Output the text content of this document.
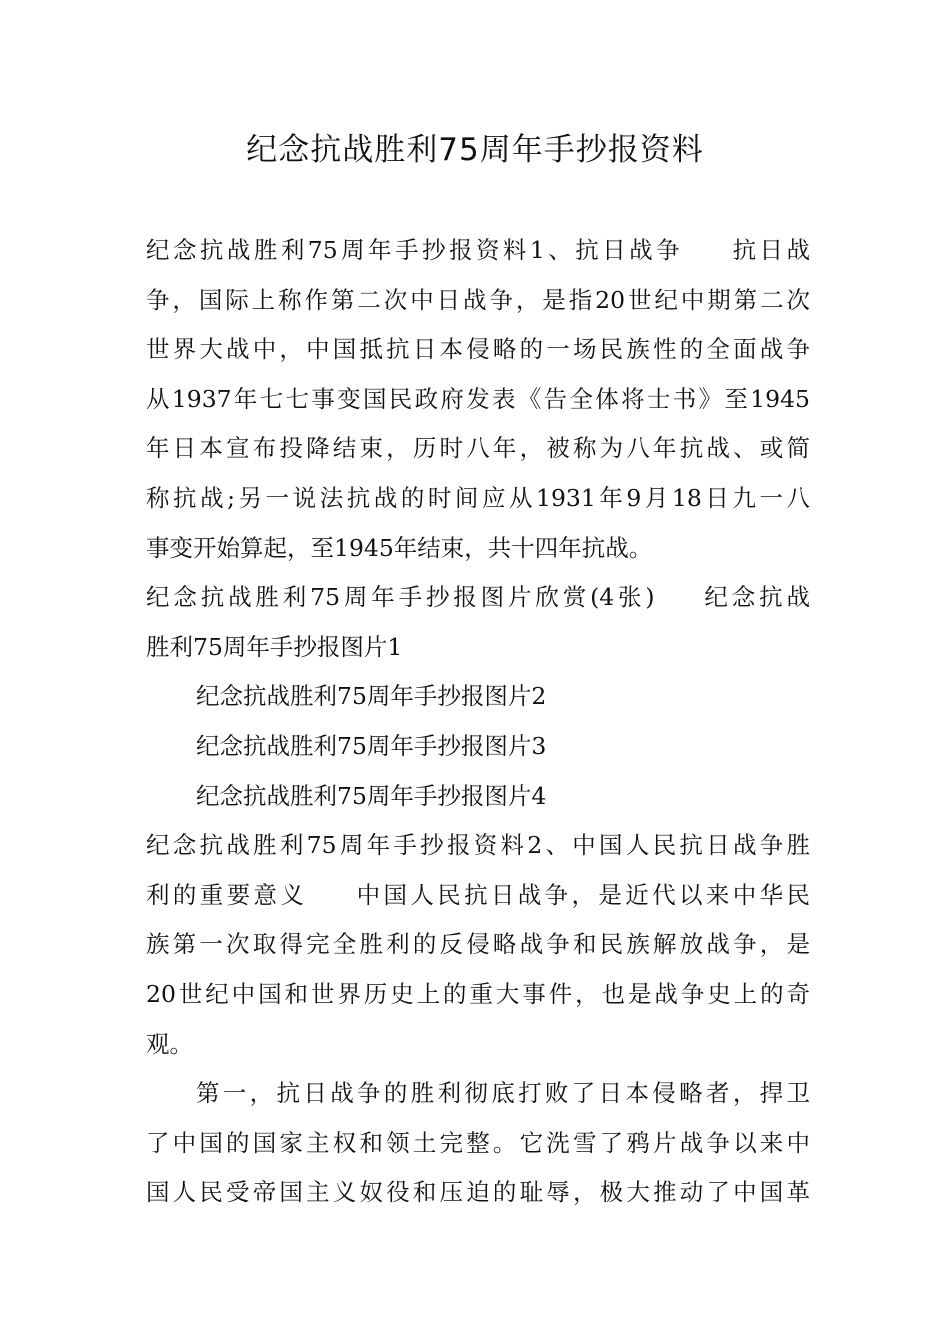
纪念抗战胜利75周年手抄报资料
纪念抗战胜利75周年手抄报资料1、抗日战争 抗日战
争，国际上称作第二次中日战争，是指20世纪中期第二次
世界大战中，中国抵抗日本侵略的一场民族性的全面战争
从1937年七七事变国民政府发表《告全体将士书》至1945
年日本宣布投降结束，历时八年，被称为八年抗战、或简
称抗战;另一说法抗战的时间应从1931年9月18日九一八
事变开始算起，至1945年结束，共十四年抗战。
纪念抗战胜利75周年手抄报图片欣赏(4张) 纪念抗战
胜利75周年手抄报图片1
纪念抗战胜利75周年手抄报图片2
纪念抗战胜利75周年手抄报图片3
纪念抗战胜利75周年手抄报图片4
纪念抗战胜利75周年手抄报资料2、中国人民抗日战争胜
利的重要意义 中国人民抗日战争，是近代以来中华民
族第一次取得完全胜利的反侵略战争和民族解放战争，是
20世纪中国和世界历史上的重大事件，也是战争史上的奇
观。
第一，抗日战争的胜利彻底打败了日本侵略者，捍卫
了中国的国家主权和领土完整。它洗雪了鸦片战争以来中
国人民受帝国主义奴役和压迫的耻辱，极大推动了中国革
